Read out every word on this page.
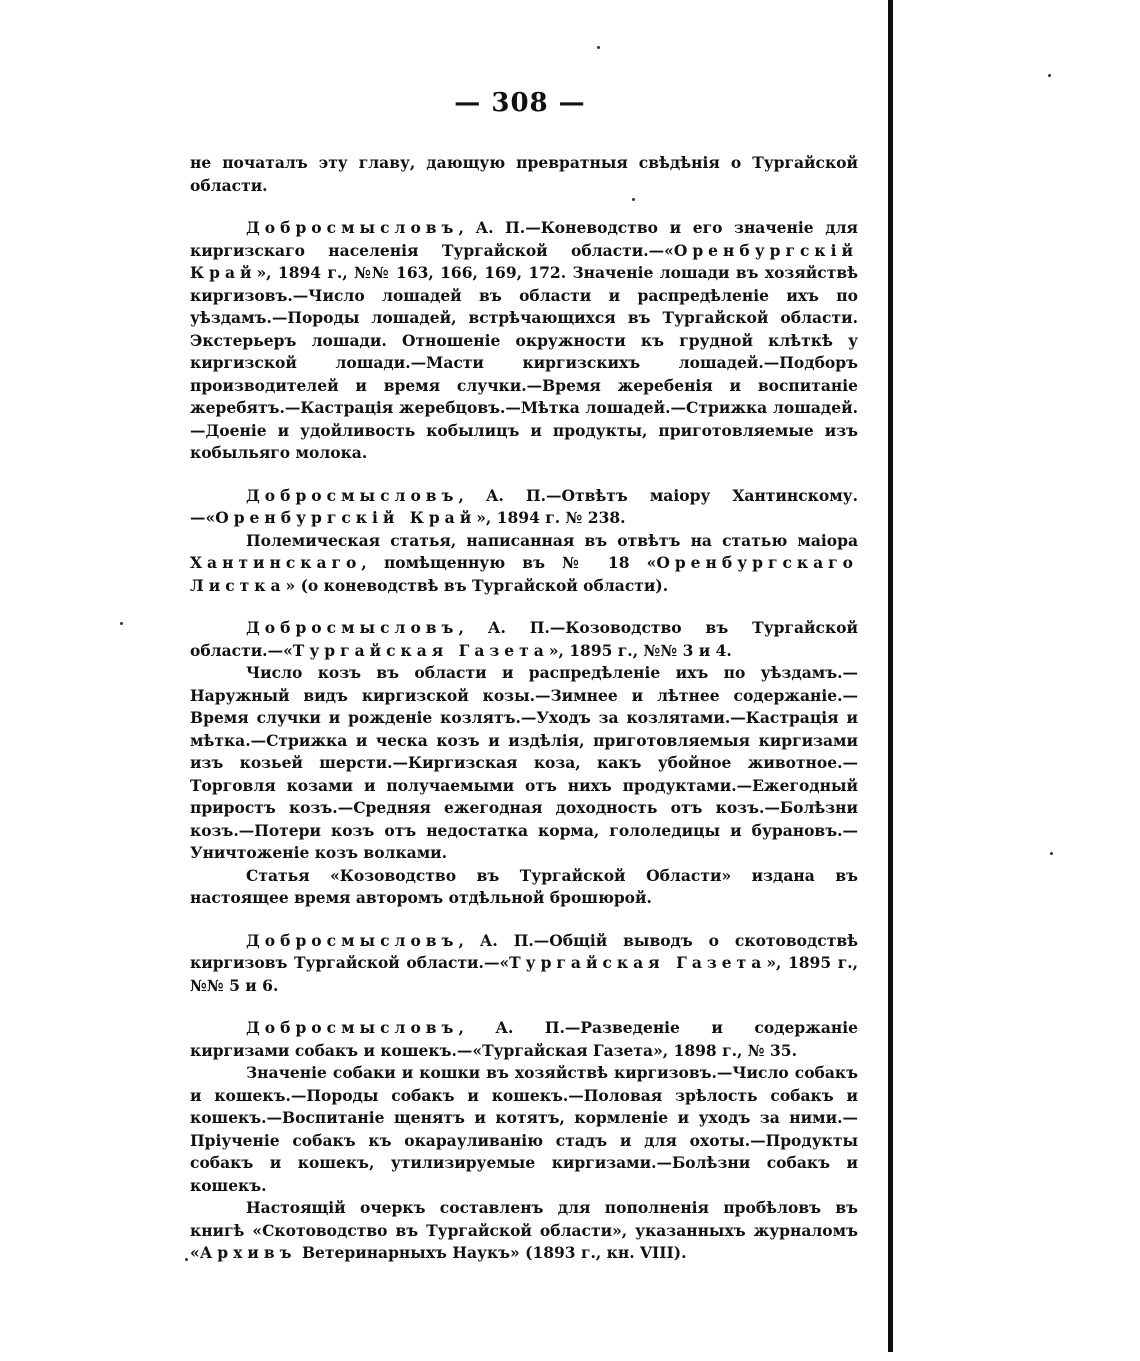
— 308 —

не початалъ эту главу, дающую превратныя свѣдѣнія о Тургайской области.

Добросмысловъ, А. П.—Коневодство и его значеніе для киргизскаго населенія Тургайской области.—«Оренбургскій Край», 1894 г., №№ 163, 166, 169, 172. Значеніе лошади въ хозяйствѣ киргизовъ.—Число лошадей въ области и распредѣленіе ихъ по уѣздамъ.—Породы лошадей, встрѣчающихся въ Тургайской области. Экстерьеръ лошади. Отношеніе окружности къ грудной клѣткѣ у киргизской лошади.—Масти киргизскихъ лошадей.—Подборъ производителей и время случки.—Время жеребенія и воспитаніе жеребятъ.—Кастрація жеребцовъ.—Мѣтка лошадей.—Стрижка лошадей.—Доеніе и удойливость кобылицъ и продукты, приготовляемые изъ кобыльяго молока.

Добросмысловъ, А. П.—Отвѣтъ маіору Хантинскому.—«Оренбургскій Край», 1894 г. № 238.

Полемическая статья, написанная въ отвѣтъ на статью маіора Хантинскаго, помѣщенную въ № 18 «Оренбургскаго Листка» (о коневодствѣ въ Тургайской области).

Добросмысловъ, А. П.—Козоводство въ Тургайской области.—«Тургайская Газета», 1895 г., №№ 3 и 4.

Число козъ въ области и распредѣленіе ихъ по уѣздамъ.—Наружный видъ киргизской козы.—Зимнее и лѣтнее содержаніе.—Время случки и рожденіе козлятъ.—Уходъ за козлятами.—Кастрація и мѣтка.—Стрижка и ческа козъ и издѣлія, приготовляемыя киргизами изъ козьей шерсти.—Киргизская коза, какъ убойное животное.—Торговля козами и получаемыми отъ нихъ продуктами.—Ежегодный приростъ козъ.—Средняя ежегодная доходность отъ козъ.—Болѣзни козъ.—Потери козъ отъ недостатка корма, гололедицы и бурановъ.—Уничтоженіе козъ волками.

Статья «Козоводство въ Тургайской Области» издана въ настоящее время авторомъ отдѣльной брошюрой.

Добросмысловъ, А. П.—Общій выводъ о скотоводствѣ киргизовъ Тургайской области.—«Тургайская Газета», 1895 г., №№ 5 и 6.

Добросмысловъ, А. П.—Разведеніе и содержаніе киргизами собакъ и кошекъ.—«Тургайская Газета», 1898 г., № 35.

Значеніе собаки и кошки въ хозяйствѣ киргизовъ.—Число собакъ и кошекъ.—Породы собакъ и кошекъ.—Половая зрѣлость собакъ и кошекъ.—Воспитаніе щенятъ и котятъ, кормленіе и уходъ за ними.—Пріученіе собакъ къ окарауливанію стадъ и для охоты.—Продукты собакъ и кошекъ, утилизируемые киргизами.—Болѣзни собакъ и кошекъ.

Настоящій очеркъ составленъ для пополненія пробѣловъ въ книгѣ «Скотоводство въ Тургайской области», указанныхъ журналомъ «Архивъ Ветеринарныхъ Наукъ» (1893 г., кн. VIII).
